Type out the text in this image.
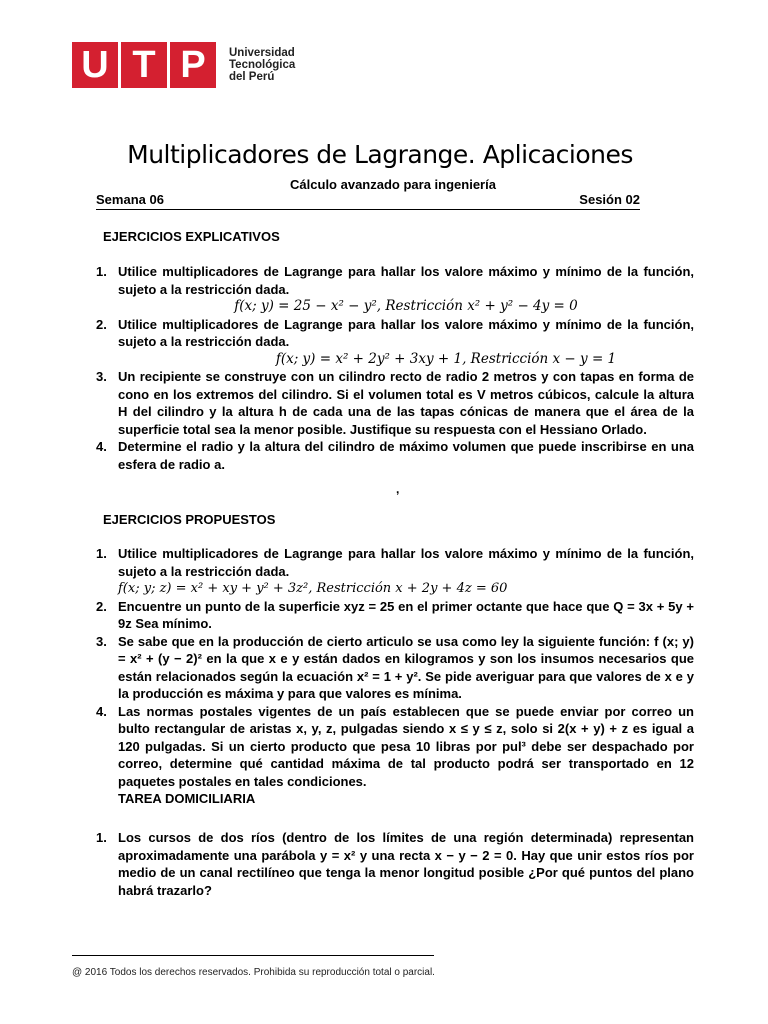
U T P	Universidad
Tecnológica
del Perú
Multiplicadores de Lagrange. Aplicaciones
Cálculo avanzado para ingeniería
Semana 06	Sesión 02
EJERCICIOS EXPLICATIVOS
1. Utilice multiplicadores de Lagrange para hallar los valore máximo y mínimo de la función, sujeto a la restricción dada.
f(x; y) = 25 − x² − y², Restricción x² + y² − 4y = 0
2. Utilice multiplicadores de Lagrange para hallar los valore máximo y mínimo de la función, sujeto a la restricción dada.
f(x; y) = x² + 2y² + 3xy + 1, Restricción x − y = 1
3. Un recipiente se construye con un cilindro recto de radio 2 metros y con tapas en forma de cono en los extremos del cilindro. Si el volumen total es V metros cúbicos, calcule la altura H del cilindro y la altura h de cada una de las tapas cónicas de manera que el área de la superficie total sea la menor posible. Justifique su respuesta con el Hessiano Orlado.
4. Determine el radio y la altura del cilindro de máximo volumen que puede inscribirse en una esfera de radio a.
,
EJERCICIOS PROPUESTOS
1. Utilice multiplicadores de Lagrange para hallar los valore máximo y mínimo de la función, sujeto a la restricción dada.
f(x; y; z) = x² + xy + y² + 3z², Restricción x + 2y + 4z = 60
2. Encuentre un punto de la superficie xyz = 25 en el primer octante que hace que Q = 3x + 5y + 9z Sea mínimo.
3. Se sabe que en la producción de cierto articulo se usa como ley la siguiente función: f (x; y) = x² + (y − 2)² en la que x e y están dados en kilogramos y son los insumos necesarios que están relacionados según la ecuación x² = 1 + y². Se pide averiguar para que valores de x e y la producción es máxima y para que valores es mínima.
4. Las normas postales vigentes de un país establecen que se puede enviar por correo un bulto rectangular de aristas x, y, z, pulgadas siendo x ≤ y ≤ z, solo si 2(x + y) + z es igual a 120 pulgadas. Si un cierto producto que pesa 10 libras por pul³ debe ser despachado por correo, determine qué cantidad máxima de tal producto podrá ser transportado en 12 paquetes postales en tales condiciones.
TAREA DOMICILIARIA
1. Los cursos de dos ríos (dentro de los límites de una región determinada) representan aproximadamente una parábola y = x² y una recta x − y − 2 = 0. Hay que unir estos ríos por medio de un canal rectilíneo que tenga la menor longitud posible ¿Por qué puntos del plano habrá trazarlo?
@ 2016 Todos los derechos reservados. Prohibida su reproducción total o parcial.
